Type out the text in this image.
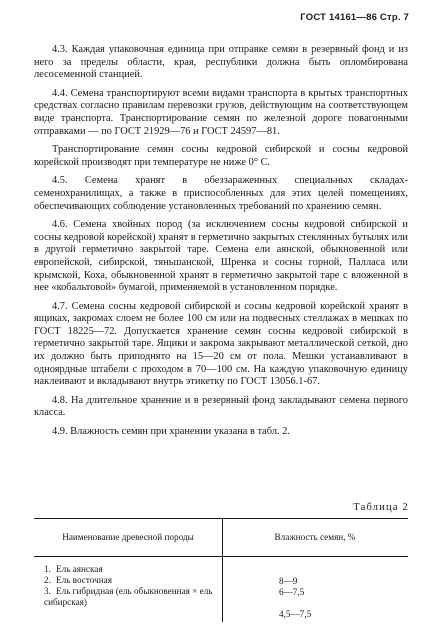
ГОСТ 14161—86 Стр. 7

4.3. Каждая упаковочная единица при отправке семян в резервный фонд и из него за пределы области, края, республики должна быть опломбирована лесосеменной станцией.

4.4. Семена транспортируют всеми видами транспорта в крытых транспортных средствах согласно правилам перевозки грузов, действующим на соответствующем виде транспорта. Транспортирование семян по железной дороге повагонными отправками — по ГОСТ 21929—76 и ГОСТ 24597—81.

Транспортирование семян сосны кедровой сибирской и сосны кедровой корейской производят при температуре не ниже 0° С.

4.5. Семена хранят в обеззараженных специальных складах-семенохранилищах, а также в приспособленных для этих целей помещениях, обеспечивающих соблюдение установленных требований по хранению семян.

4.6. Семена хвойных пород (за исключением сосны кедровой сибирской и сосны кедровой корейской) хранят в герметично закрытых стеклянных бутылях или в другой герметично закрытой таре. Семена ели аянской, обыкновенной или европейской, сибирской, тяньшанской, Шренка и сосны горной, Палласа или крымской, Коха, обыкновенной хранят в герметично закрытой таре с вложенной в нее «кобальтовой» бумагой, применяемой в установленном порядке.

4.7. Семена сосны кедровой сибирской и сосны кедровой корейской хранят в ящиках, закромах слоем не более 100 см или на подвесных стеллажах в мешках по ГОСТ 18225—72. Допускается хранение семян сосны кедровой сибирской в герметично закрытой таре. Ящики и закрома закрывают металлической сеткой, дно их должно быть приподнято на 15—20 см от пола. Мешки устанавливают в одноярдные штабели с проходом в 70—100 см. На каждую упаковочную единицу наклеивают и вкладывают внутрь этикетку по ГОСТ 13056.1-67.

4.8. На длительное хранение и в резервный фонд закладывают семена первого класса.

4.9. Влажность семян при хранении указана в табл. 2.

Таблица 2
Наименование древесной породы	Влажность семян, %
1. Ель аянская
8—9
2. Ель восточная
6—7,5
3. Ель гибридная (ель обыкновенная × ель сибирская)
4,5—7,5
